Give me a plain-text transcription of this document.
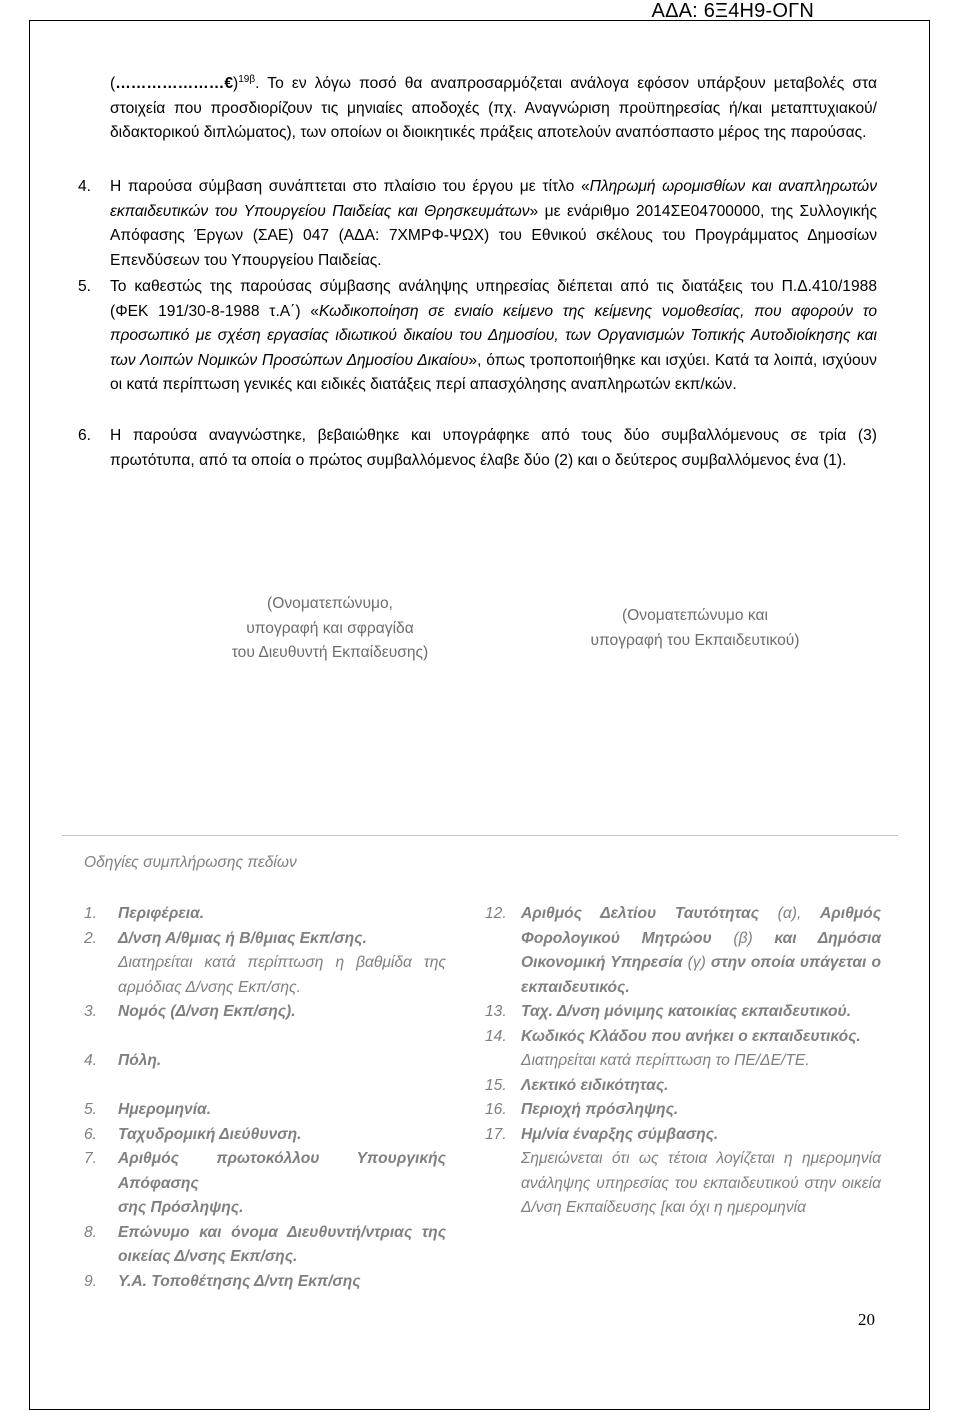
ΑΔΑ: 6Ξ4Η9-ΟΓΝ
(…………………€)$^{19\beta}$. Το εν λόγω ποσό θα αναπροσαρμόζεται ανάλογα εφόσον υπάρξουν μεταβολές στα στοιχεία που προσδιορίζουν τις μηνιαίες αποδοχές (πχ. Αναγνώριση προϋπηρεσίας ή/και μεταπτυχιακού/διδακτορικού διπλώματος), των οποίων οι διοικητικές πράξεις αποτελούν αναπόσπαστο μέρος της παρούσας.
4. Η παρούσα σύμβαση συνάπτεται στο πλαίσιο του έργου με τίτλο «Πληρωμή ωρομισθίων και αναπληρωτών εκπαιδευτικών του Υπουργείου Παιδείας και Θρησκευμάτων» με ενάριθμο 2014ΣΕ04700000, της Συλλογικής Απόφασης Έργων (ΣΑΕ) 047 (ΑΔΑ: 7ΧΜΡΦ-ΨΩΧ) του Εθνικού σκέλους του Προγράμματος Δημοσίων Επενδύσεων του Υπουργείου Παιδείας.
5. Το καθεστώς της παρούσας σύμβασης ανάληψης υπηρεσίας διέπεται από τις διατάξεις του Π.Δ.410/1988 (ΦΕΚ 191/30-8-1988 τ.Α΄) «Κωδικοποίηση σε ενιαίο κείμενο της κείμενης νομοθεσίας, που αφορούν το προσωπικό με σχέση εργασίας ιδιωτικού δικαίου του Δημοσίου, των Οργανισμών Τοπικής Αυτοδιοίκησης και των Λοιπών Νομικών Προσώπων Δημοσίου Δικαίου», όπως τροποποιήθηκε και ισχύει. Κατά τα λοιπά, ισχύουν οι κατά περίπτωση γενικές και ειδικές διατάξεις περί απασχόλησης αναπληρωτών εκπ/κών.
6. Η παρούσα αναγνώστηκε, βεβαιώθηκε και υπογράφηκε από τους δύο συμβαλλόμενους σε τρία (3) πρωτότυπα, από τα οποία ο πρώτος συμβαλλόμενος έλαβε δύο (2) και ο δεύτερος συμβαλλόμενος ένα (1).
(Ονοματεπώνυμο,
υπογραφή και σφραγίδα
του Διευθυντή Εκπαίδευσης)
(Ονοματεπώνυμο και
υπογραφή του Εκπαιδευτικού)
Οδηγίες συμπλήρωσης πεδίων
1. Περιφέρεια.
2. Δ/νση Α/θμιας ή Β/θμιας Εκπ/σης.
Διατηρείται κατά περίπτωση η βαθμίδα της αρμόδιας Δ/νσης Εκπ/σης.
3. Νομός (Δ/νση Εκπ/σης).
4. Πόλη.
5. Ημερομηνία.
6. Ταχυδρομική Διεύθυνση.
7. Αριθμός πρωτοκόλλου Υπουργικής Απόφασης
σης Πρόσληψης.
8. Επώνυμο και όνομα Διευθυντή/ντριας της οικείας Δ/νσης Εκπ/σης.
9. Υ.Α. Τοποθέτησης Δ/ντη Εκπ/σης
12. Αριθμός Δελτίου Ταυτότητας (α), Αριθμός Φορολογικού Μητρώου (β) και Δημόσια Οικονομική Υπηρεσία (γ) στην οποία υπάγεται ο εκπαιδευτικός.
13. Ταχ. Δ/νση μόνιμης κατοικίας εκπαιδευτικού.
14. Κωδικός Κλάδου που ανήκει ο εκπαιδευτικός.
Διατηρείται κατά περίπτωση το ΠΕ/ΔΕ/ΤΕ.
15. Λεκτικό ειδικότητας.
16. Περιοχή πρόσληψης.
17. Ημ/νία έναρξης σύμβασης.
Σημειώνεται ότι ως τέτοια λογίζεται η ημερομηνία ανάληψης υπηρεσίας του εκπαιδευτικού στην οικεία Δ/νση Εκπαίδευσης [και όχι η ημερομηνία
20
